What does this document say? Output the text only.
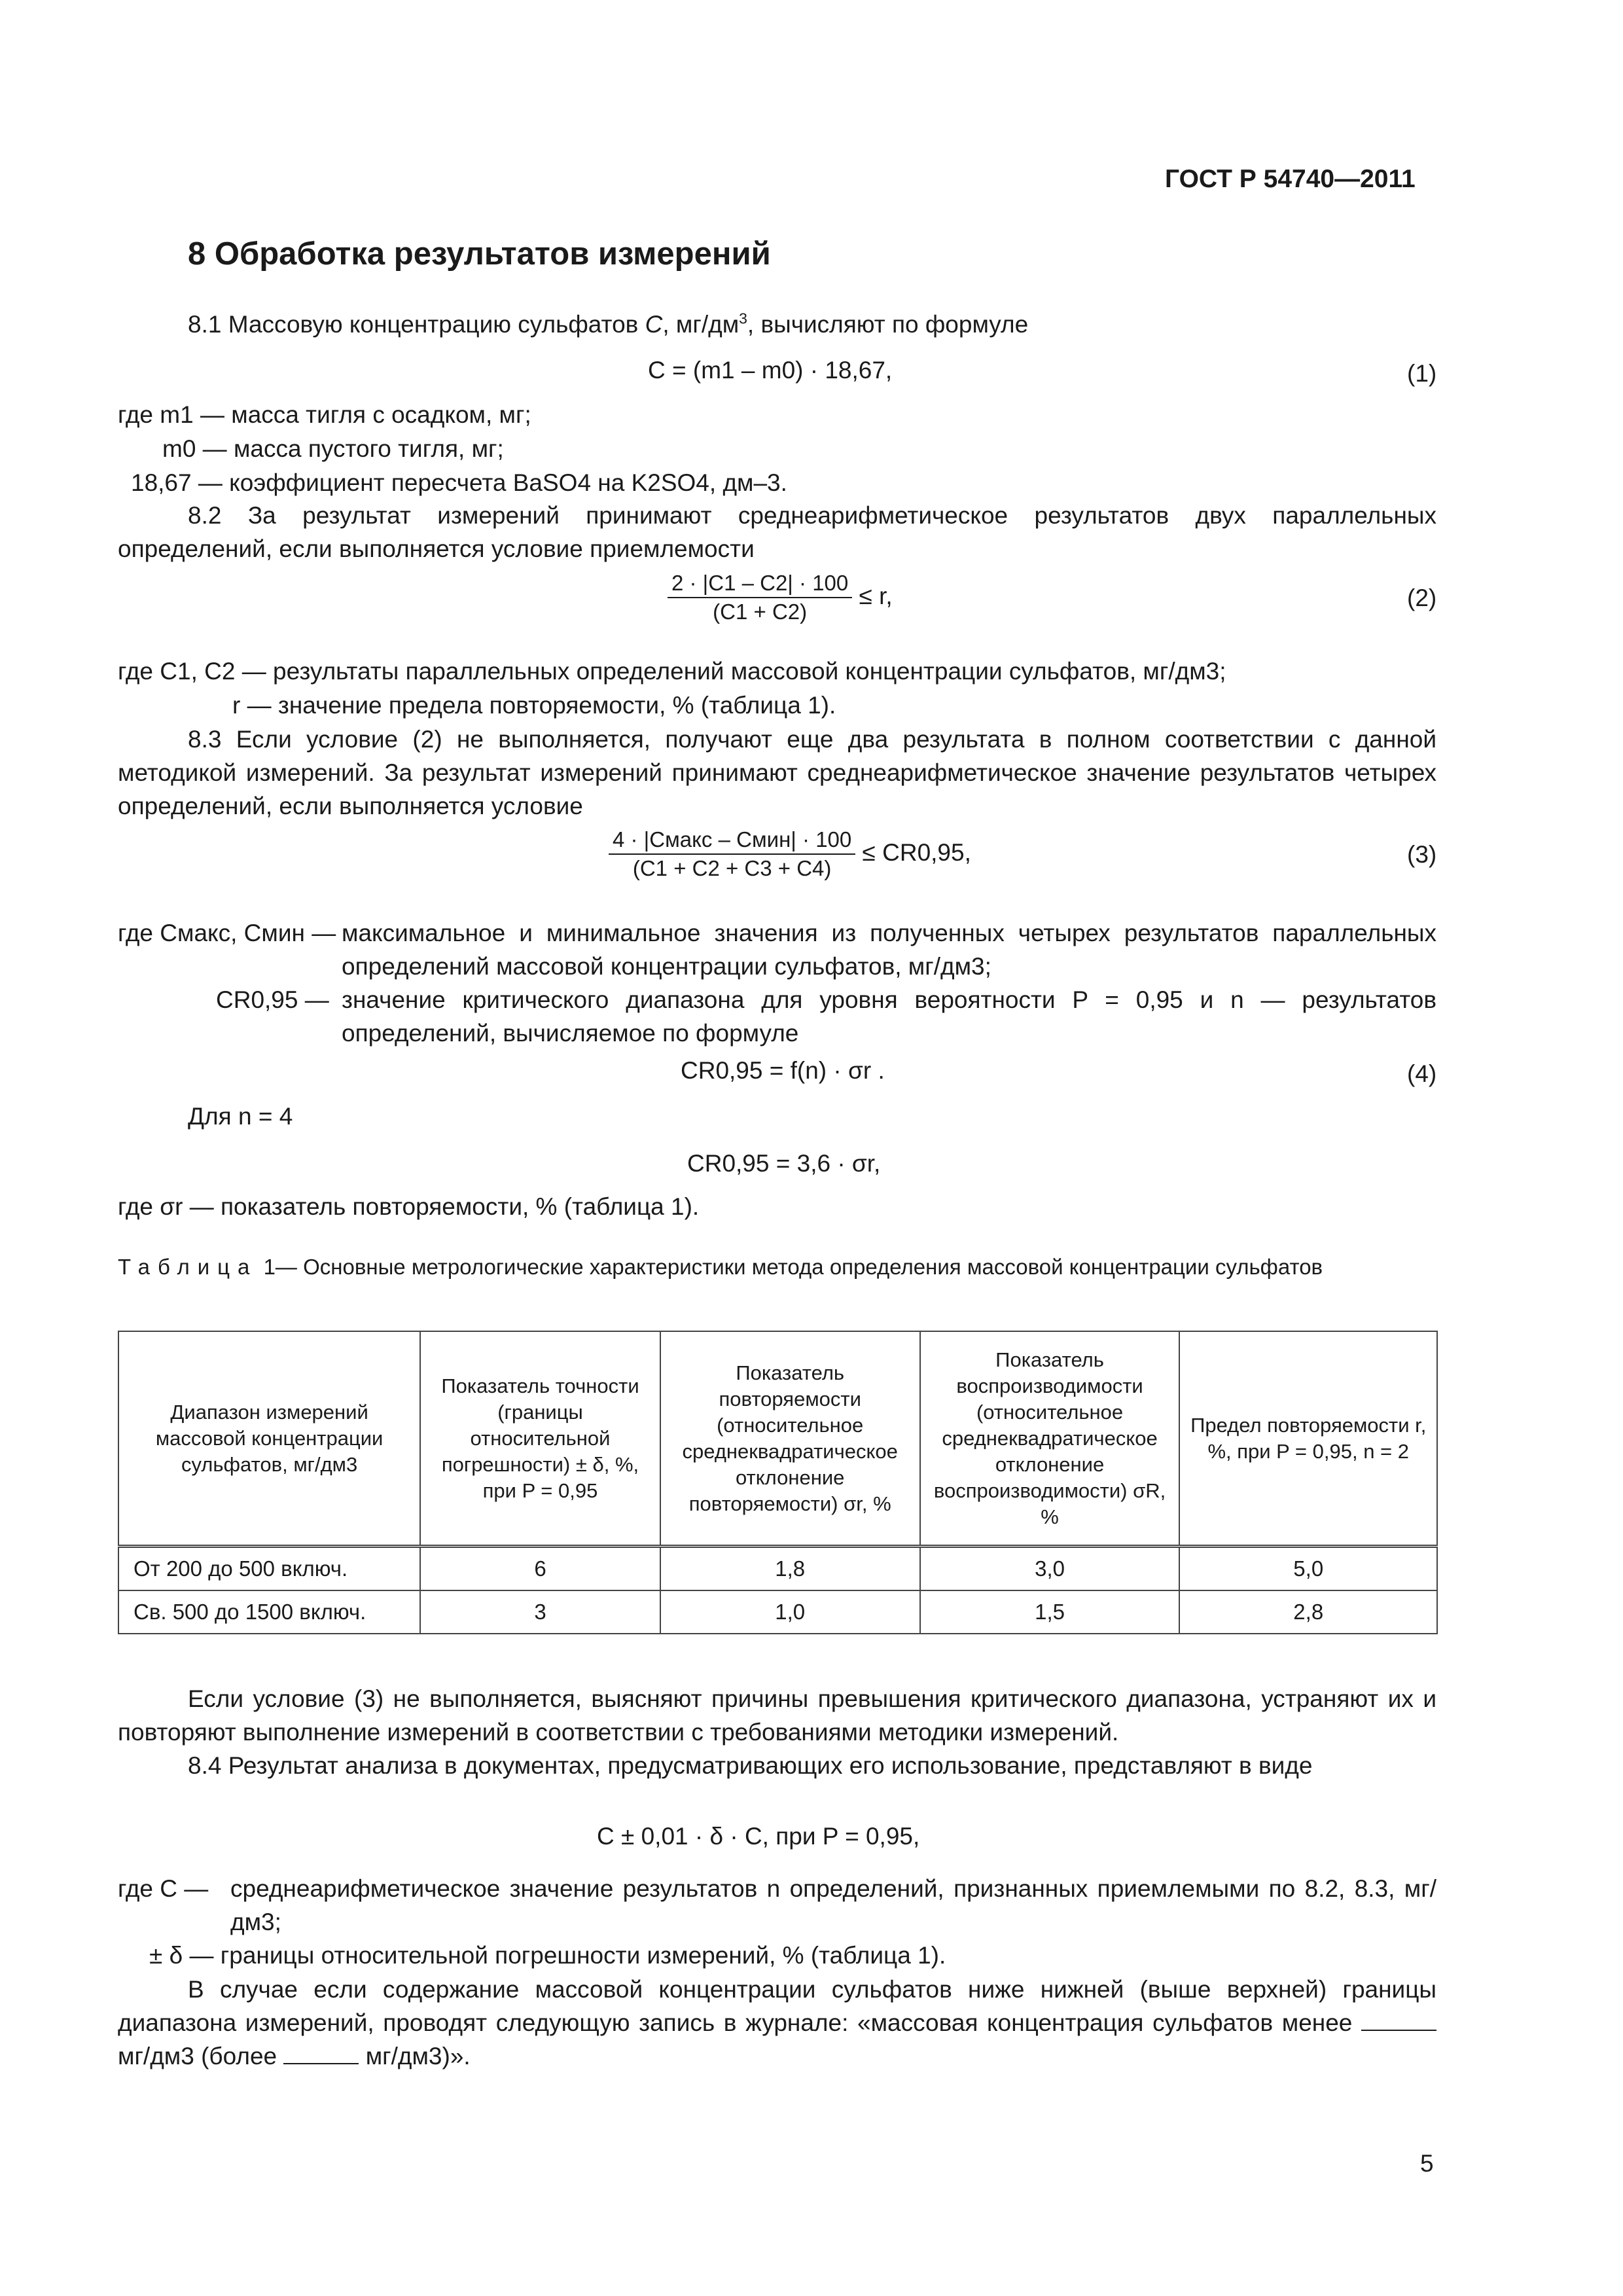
ГОСТ Р 54740—2011
8 Обработка результатов измерений
8.1 Массовую концентрацию сульфатов С, $мг/дм^3$, вычисляют по формуле
С = (m1 – m0) · 18,67,	(1)
где m1 — масса тигля с осадком, мг;
m0 — масса пустого тигля, мг;
18,67 — коэффициент пересчета BaSO4 на K2SO4, дм–3.
8.2 За результат измерений принимают среднеарифметическое результатов двух параллельных определений, если выполняется условие приемлемости
$\frac{2 \cdot |C1 - C2| \cdot 100}{(C1 + C2)} \le r$,	(2)
где C1, C2 — результаты параллельных определений массовой концентрации сульфатов, мг/дм3;
r — значение предела повторяемости, % (таблица 1).
8.3 Если условие (2) не выполняется, получают еще два результата в полном соответствии с данной методикой измерений. За результат измерений принимают среднеарифметическое значение результатов четырех определений, если выполняется условие
$\frac{\text{4 · |Cмакс – Cмин| · 100}}{(C1 + C2 + C3 + C4)} \le CR0,95$,	(3)
где Cмакс, Cмин — максимальное и минимальное значения из полученных четырех результатов параллельных определений массовой концентрации сульфатов, мг/дм3;
CR0,95 — значение критического диапазона для уровня вероятности P = 0,95 и n — результатов определений, вычисляемое по формуле
CR0,95 = f(n) · σr .	(4)
Для n = 4
CR0,95 = 3,6 · σr,
где σr — показатель повторяемости, % (таблица 1).
Таблица 1— Основные метрологические характеристики метода определения массовой концентрации сульфатов
Диапазон измерений массовой концентрации сульфатов, мг/дм3	Показатель точности (границы относительной погрешности) ± δ, %, при P = 0,95	Показатель повторяемости (относительное среднеквадратическое отклонение повторяемости) σr, %	Показатель воспроизводимости (относительное среднеквадратическое отклонение воспроизводимости) σR, %	Предел повторяемости r, %, при P = 0,95, n = 2
От 200 до 500 включ.	6	1,8	3,0	5,0
Св. 500 до 1500 включ.	3	1,0	1,5	2,8
Если условие (3) не выполняется, выясняют причины превышения критического диапазона, устраняют их и повторяют выполнение измерений в соответствии с требованиями методики измерений.
8.4 Результат анализа в документах, предусматривающих его использование, представляют в виде
C ± 0,01 · δ · C, при P = 0,95,
где C — среднеарифметическое значение результатов n определений, признанных приемлемыми по 8.2, 8.3, мг/дм3;
± δ — границы относительной погрешности измерений, % (таблица 1).
В случае если содержание массовой концентрации сульфатов ниже нижней (выше верхней) границы диапазона измерений, проводят следующую запись в журнале: «массовая концентрация сульфатов менее  мг/дм3 (более	мг/дм3)».
5
